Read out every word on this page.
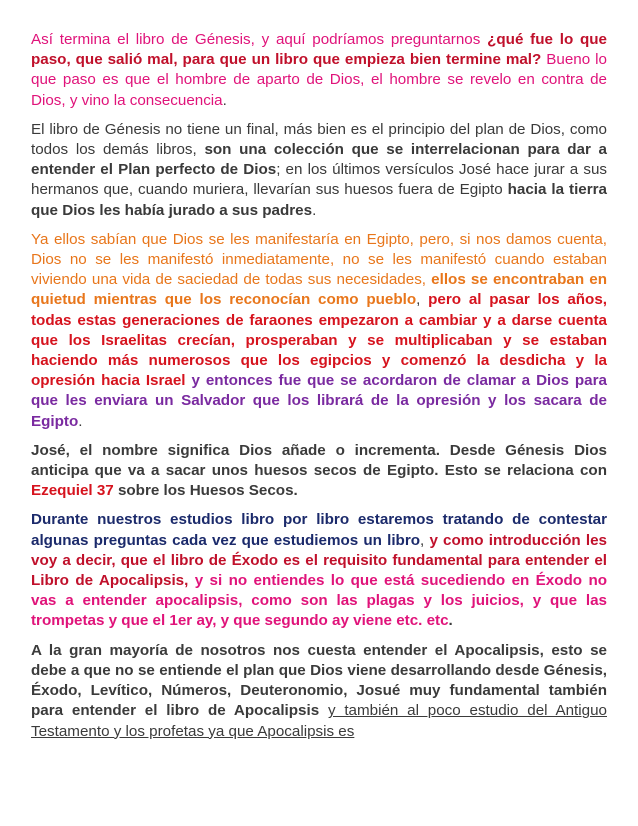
Así termina el libro de Génesis, y aquí podríamos preguntarnos ¿qué fue lo que paso, que salió mal, para que un libro que empieza bien termine mal? Bueno lo que paso es que el hombre de aparto de Dios, el hombre se revelo en contra de Dios, y vino la consecuencia.

El libro de Génesis no tiene un final, más bien es el principio del plan de Dios, como todos los demás libros, son una colección que se interrelacionan para dar a entender el Plan perfecto de Dios; en los últimos versículos José hace jurar a sus hermanos que, cuando muriera, llevarían sus huesos fuera de Egipto hacia la tierra que Dios les había jurado a sus padres.

Ya ellos sabían que Dios se les manifestaría en Egipto, pero, si nos damos cuenta, Dios no se les manifestó inmediatamente, no se les manifestó cuando estaban viviendo una vida de saciedad de todas sus necesidades, ellos se encontraban en quietud mientras que los reconocían como pueblo, pero al pasar los años, todas estas generaciones de faraones empezaron a cambiar y a darse cuenta que los Israelitas crecían, prosperaban y se multiplicaban y se estaban haciendo más numerosos que los egipcios y comenzó la desdicha y la opresión hacia Israel y entonces fue que se acordaron de clamar a Dios para que les enviara un Salvador que los librará de la opresión y los sacara de Egipto.

José, el nombre significa Dios añade o incrementa. Desde Génesis Dios anticipa que va a sacar unos huesos secos de Egipto. Esto se relaciona con Ezequiel 37 sobre los Huesos Secos.

Durante nuestros estudios libro por libro estaremos tratando de contestar algunas preguntas cada vez que estudiemos un libro, y como introducción les voy a decir, que el libro de Éxodo es el requisito fundamental para entender el Libro de Apocalipsis, y si no entiendes lo que está sucediendo en Éxodo no vas a entender apocalipsis, como son las plagas y los juicios, y que las trompetas y que el 1er ay, y que segundo ay viene etc. etc.

A la gran mayoría de nosotros nos cuesta entender el Apocalipsis, esto se debe a que no se entiende el plan que Dios viene desarrollando desde Génesis, Éxodo, Levítico, Números, Deuteronomio, Josué muy fundamental también para entender el libro de Apocalipsis y también al poco estudio del Antiguo Testamento y los profetas ya que Apocalipsis es
